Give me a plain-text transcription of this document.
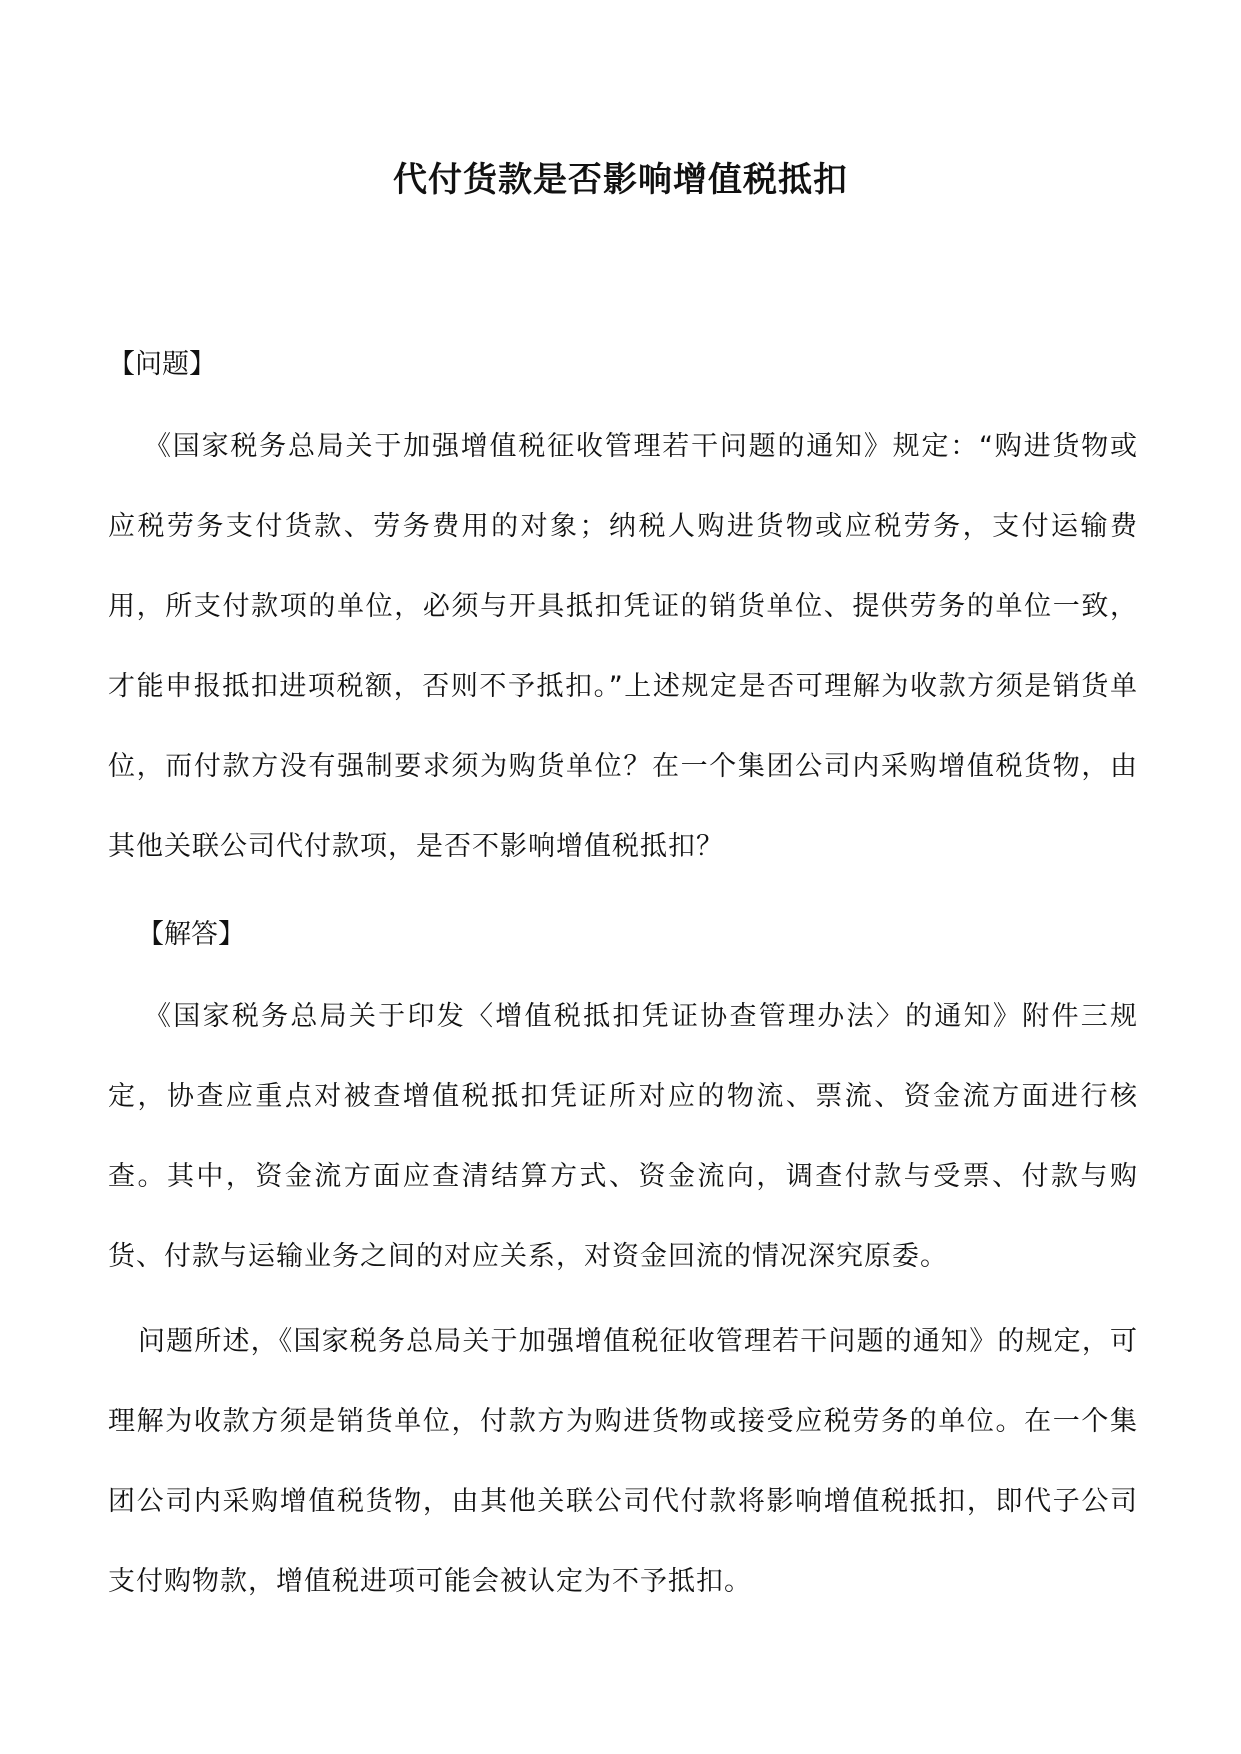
代付货款是否影响增值税抵扣
【问题】

《国家税务总局关于加强增值税征收管理若干问题的通知》规定：“购进货物或应税劳务支付货款、劳务费用的对象；纳税人购进货物或应税劳务，支付运输费用，所支付款项的单位，必须与开具抵扣凭证的销货单位、提供劳务的单位一致，才能申报抵扣进项税额，否则不予抵扣。”上述规定是否可理解为收款方须是销货单位，而付款方没有强制要求须为购货单位？在一个集团公司内采购增值税货物，由其他关联公司代付款项，是否不影响增值税抵扣？

【解答】

《国家税务总局关于印发〈增值税抵扣凭证协查管理办法〉的通知》附件三规定，协查应重点对被查增值税抵扣凭证所对应的物流、票流、资金流方面进行核查。其中，资金流方面应查清结算方式、资金流向，调查付款与受票、付款与购货、付款与运输业务之间的对应关系，对资金回流的情况深究原委。

问题所述，《国家税务总局关于加强增值税征收管理若干问题的通知》的规定，可理解为收款方须是销货单位，付款方为购进货物或接受应税劳务的单位。在一个集团公司内采购增值税货物，由其他关联公司代付款将影响增值税抵扣，即代子公司支付购物款，增值税进项可能会被认定为不予抵扣。
